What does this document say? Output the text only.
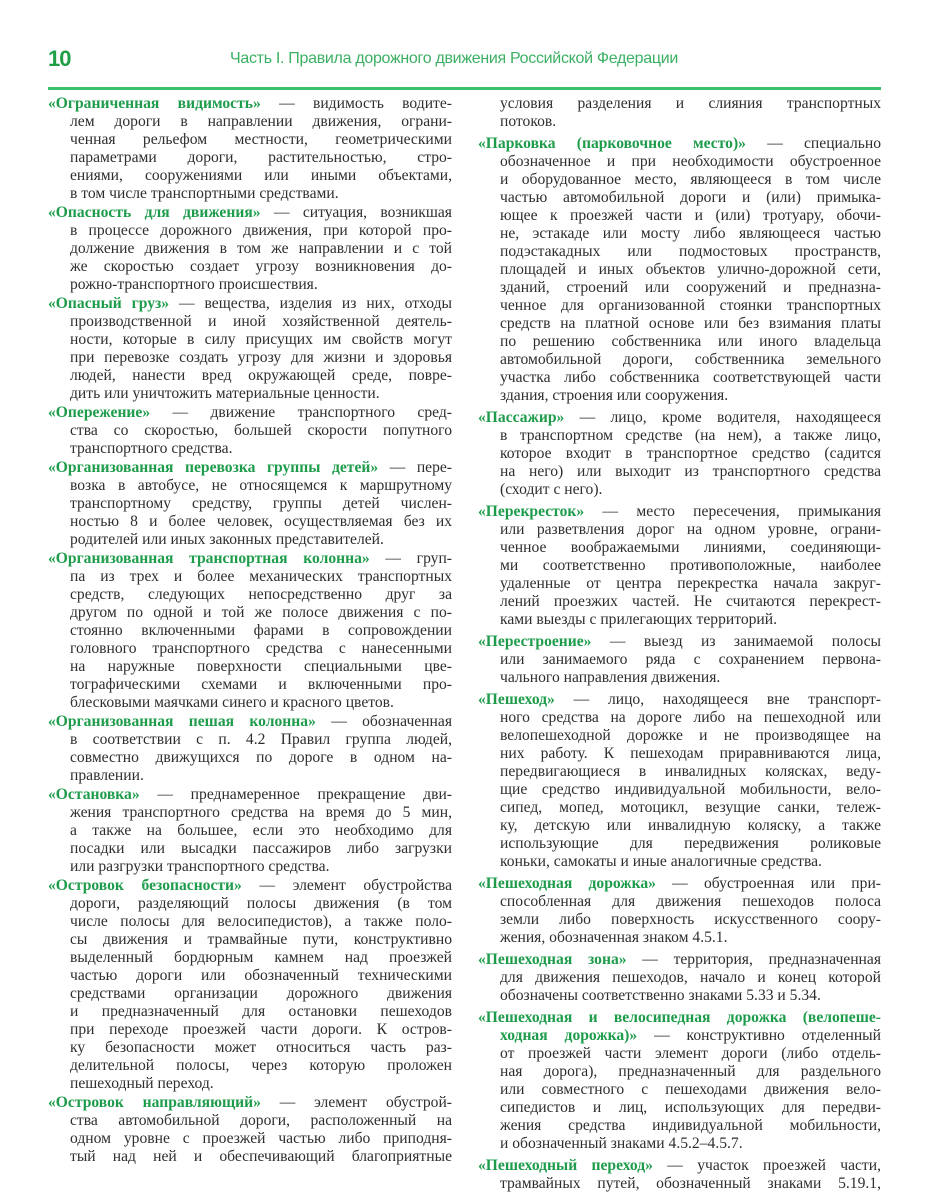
10	Часть I. Правила дорожного движения Российской Федерации
«Ограниченная видимость» — видимость водите-
лем дороги в направлении движения, ограни-
ченная рельефом местности, геометрическими
параметрами дороги, растительностью, стро-
ениями, сооружениями или иными объектами,
в том числе транспортными средствами.
«Опасность для движения» — ситуация, возникшая
в процессе дорожного движения, при которой про-
должение движения в том же направлении и с той
же скоростью создает угрозу возникновения до-
рожно-транспортного происшествия.
«Опасный груз» — вещества, изделия из них, отходы
производственной и иной хозяйственной деятель-
ности, которые в силу присущих им свойств могут
при перевозке создать угрозу для жизни и здоровья
людей, нанести вред окружающей среде, повре-
дить или уничтожить материальные ценности.
«Опережение» — движение транспортного сред-
ства со скоростью, большей скорости попутного
транспортного средства.
«Организованная перевозка группы детей» — пере-
возка в автобусе, не относящемся к маршрутному
транспортному средству, группы детей числен-
ностью 8 и более человек, осуществляемая без их
родителей или иных законных представителей.
«Организованная транспортная колонна» — груп-
па из трех и более механических транспортных
средств, следующих непосредственно друг за
другом по одной и той же полосе движения с по-
стоянно включенными фарами в сопровождении
головного транспортного средства с нанесенными
на наружные поверхности специальными цве-
тографическими схемами и включенными про-
блесковыми маячками синего и красного цветов.
«Организованная пешая колонна» — обозначенная
в соответствии с п. 4.2 Правил группа людей,
совместно движущихся по дороге в одном на-
правлении.
«Остановка» — преднамеренное прекращение дви-
жения транспортного средства на время до 5 мин,
а также на большее, если это необходимо для
посадки или высадки пассажиров либо загрузки
или разгрузки транспортного средства.
«Островок безопасности» — элемент обустройства
дороги, разделяющий полосы движения (в том
числе полосы для велосипедистов), а также поло-
сы движения и трамвайные пути, конструктивно
выделенный бордюрным камнем над проезжей
частью дороги или обозначенный техническими
средствами организации дорожного движения
и предназначенный для остановки пешеходов
при переходе проезжей части дороги. К остров-
ку безопасности может относиться часть раз-
делительной полосы, через которую проложен
пешеходный переход.
«Островок направляющий» — элемент обустрой-
ства автомобильной дороги, расположенный на
одном уровне с проезжей частью либо приподня-
тый над ней и обеспечивающий благоприятные
условия разделения и слияния транспортных
потоков.
«Парковка (парковочное место)» — специально
обозначенное и при необходимости обустроенное
и оборудованное место, являющееся в том числе
частью автомобильной дороги и (или) примыка-
ющее к проезжей части и (или) тротуару, обочи-
не, эстакаде или мосту либо являющееся частью
подэстакадных или подмостовых пространств,
площадей и иных объектов улично-дорожной сети,
зданий, строений или сооружений и предназна-
ченное для организованной стоянки транспортных
средств на платной основе или без взимания платы
по решению собственника или иного владельца
автомобильной дороги, собственника земельного
участка либо собственника соответствующей части
здания, строения или сооружения.
«Пассажир» — лицо, кроме водителя, находящееся
в транспортном средстве (на нем), а также лицо,
которое входит в транспортное средство (садится
на него) или выходит из транспортного средства
(сходит с него).
«Перекресток» — место пересечения, примыкания
или разветвления дорог на одном уровне, ограни-
ченное воображаемыми линиями, соединяющи-
ми соответственно противоположные, наиболее
удаленные от центра перекрестка начала закруг-
лений проезжих частей. Не считаются перекрест-
ками выезды с прилегающих территорий.
«Перестроение» — выезд из занимаемой полосы
или занимаемого ряда с сохранением первона-
чального направления движения.
«Пешеход» — лицо, находящееся вне транспорт-
ного средства на дороге либо на пешеходной или
велопешеходной дорожке и не производящее на
них работу. К пешеходам приравниваются лица,
передвигающиеся в инвалидных колясках, веду-
щие средство индивидуальной мобильности, вело-
сипед, мопед, мотоцикл, везущие санки, тележ-
ку, детскую или инвалидную коляску, а также
использующие для передвижения роликовые
коньки, самокаты и иные аналогичные средства.
«Пешеходная дорожка» — обустроенная или при-
способленная для движения пешеходов полоса
земли либо поверхность искусственного соору-
жения, обозначенная знаком 4.5.1.
«Пешеходная зона» — территория, предназначенная
для движения пешеходов, начало и конец которой
обозначены соответственно знаками 5.33 и 5.34.
«Пешеходная и велосипедная дорожка (велопеше-
ходная дорожка)» — конструктивно отделенный
от проезжей части элемент дороги (либо отдель-
ная дорога), предназначенный для раздельного
или совместного с пешеходами движения вело-
сипедистов и лиц, использующих для передви-
жения средства индивидуальной мобильности,
и обозначенный знаками 4.5.2–4.5.7.
«Пешеходный переход» — участок проезжей части,
трамвайных путей, обозначенный знаками 5.19.1,
